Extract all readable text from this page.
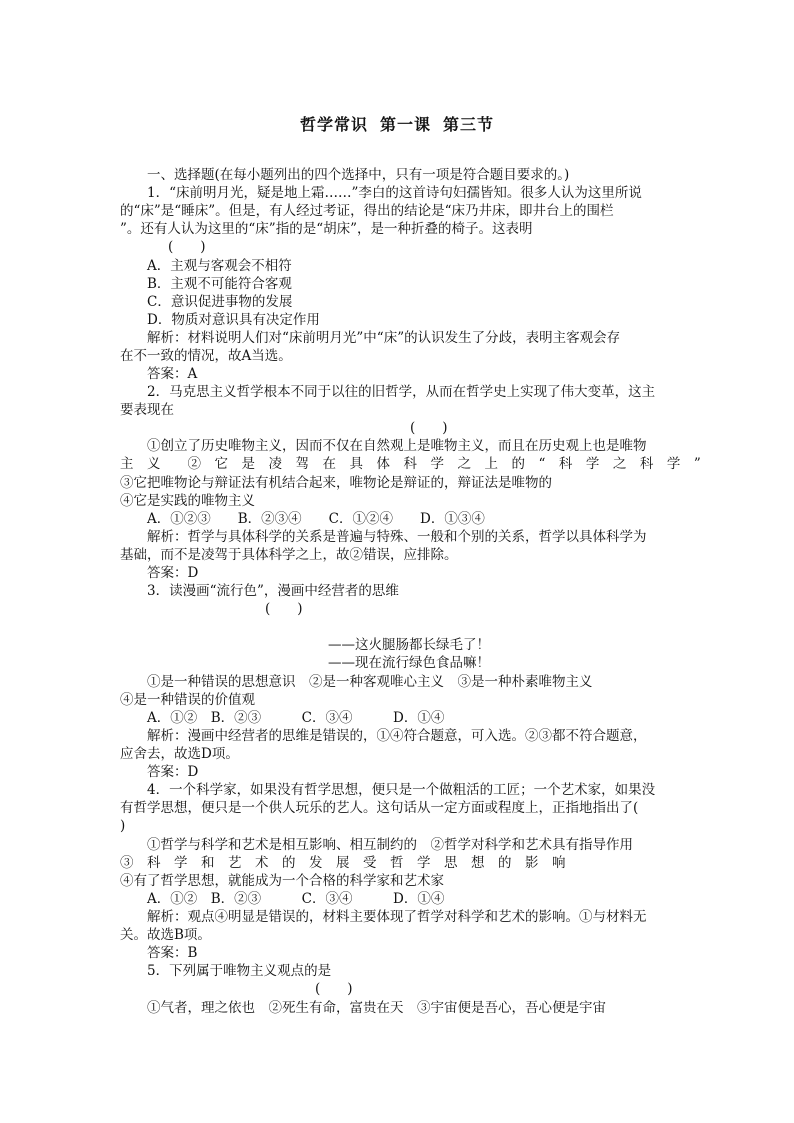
哲学常识 第一课 第三节
一、选择题(在每小题列出的四个选择中，只有一项是符合题目要求的。)
1．“床前明月光，疑是地上霜……”李白的这首诗句妇孺皆知。很多人认为这里所说
的“床”是“睡床”。但是，有人经过考证，得出的结论是“床乃井床，即井台上的围栏
”。还有人认为这里的“床”指的是“胡床”，是一种折叠的椅子。这表明
(　　)
A．主观与客观会不相符
B．主观不可能符合客观
C．意识促进事物的发展
D．物质对意识具有决定作用
解析：材料说明人们对“床前明月光”中“床”的认识发生了分歧，表明主客观会存
在不一致的情况，故A当选。
答案：A
2．马克思主义哲学根本不同于以往的旧哲学，从而在哲学史上实现了伟大变革，这主
要表现在
(　　)
①创立了历史唯物主义，因而不仅在自然观上是唯物主义，而且在历史观上也是唯物
主　义　　②　它　是　凌　驾　在　具　体　科　学　之　上　的　“　科　学　之　科　学　”
③它把唯物论与辩证法有机结合起来，唯物论是辩证的，辩证法是唯物的
④它是实践的唯物主义
A．①②③　　B．②③④　　C．①②④　　D．①③④
解析：哲学与具体科学的关系是普遍与特殊、一般和个别的关系，哲学以具体科学为
基础，而不是凌驾于具体科学之上，故②错误，应排除。
答案：D
3．读漫画“流行色”，漫画中经营者的思维
(　　)
——这火腿肠都长绿毛了！
——现在流行绿色食品嘛！
①是一种错误的思想意识　②是一种客观唯心主义　③是一种朴素唯物主义
④是一种错误的价值观
A．①②　B．②③　　　C．③④　　　D．①④
解析：漫画中经营者的思维是错误的，①④符合题意，可入选。②③都不符合题意，
应舍去，故选D项。
答案：D
4．一个科学家，如果没有哲学思想，便只是一个做粗活的工匠；一个艺术家，如果没
有哲学思想，便只是一个供人玩乐的艺人。这句话从一定方面或程度上，正指地指出了(
)
①哲学与科学和艺术是相互影响、相互制约的　②哲学对科学和艺术具有指导作用
③　科　学　和　艺　术　的　发　展　受　哲　学　思　想　的　影　响
④有了哲学思想，就能成为一个合格的科学家和艺术家
A．①②　B．②③　　　C．③④　　　D．①④
解析：观点④明显是错误的，材料主要体现了哲学对科学和艺术的影响。①与材料无
关。故选B项。
答案：B
5．下列属于唯物主义观点的是
(　　)
①气者，理之依也　②死生有命，富贵在天　③宇宙便是吾心，吾心便是宇宙
